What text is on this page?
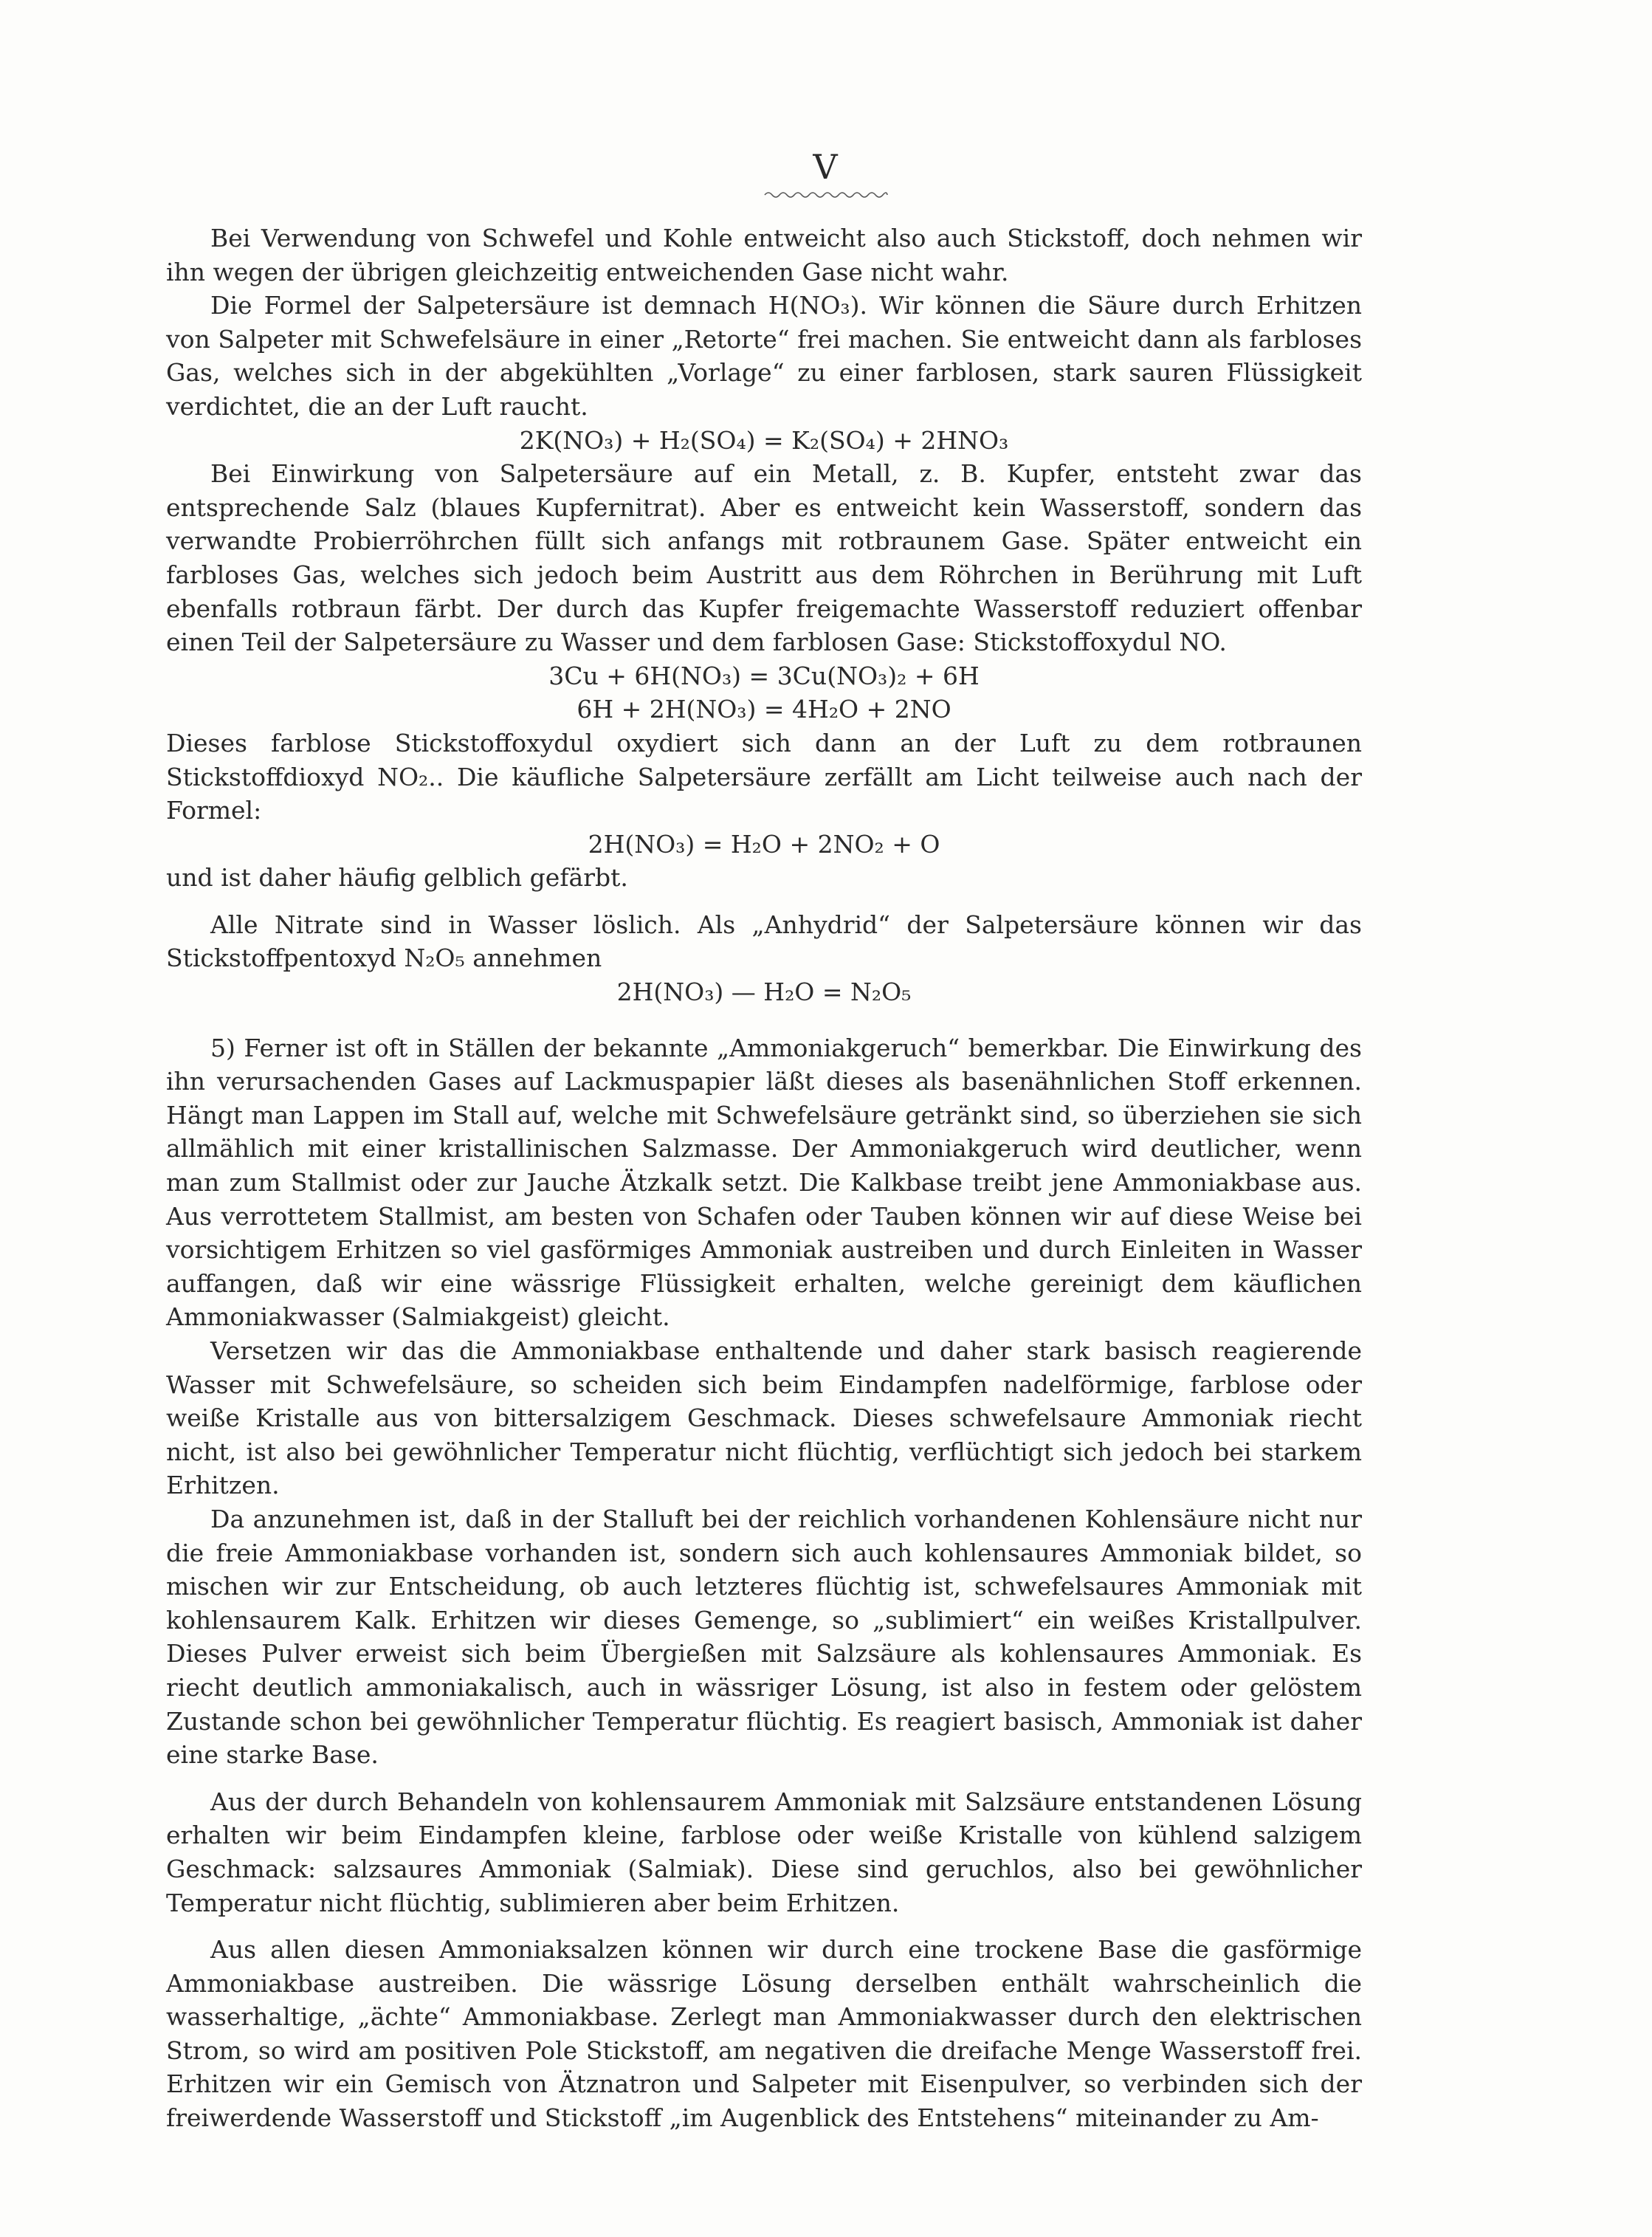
V

Bei Verwendung von Schwefel und Kohle entweicht also auch Stickstoff, doch nehmen wir ihn wegen der übrigen gleichzeitig entweichenden Gase nicht wahr.

Die Formel der Salpetersäure ist demnach H(NO₃). Wir können die Säure durch Erhitzen von Salpeter mit Schwefelsäure in einer „Retorte“ frei machen. Sie entweicht dann als farbloses Gas, welches sich in der abgekühlten „Vorlage“ zu einer farblosen, stark sauren Flüssigkeit verdichtet, die an der Luft raucht.

2K(NO₃) + H₂(SO₄) = K₂(SO₄) + 2HNO₃

Bei Einwirkung von Salpetersäure auf ein Metall, z. B. Kupfer, entsteht zwar das entsprechende Salz (blaues Kupfernitrat). Aber es entweicht kein Wasserstoff, sondern das verwandte Probierröhrchen füllt sich anfangs mit rotbraunem Gase. Später entweicht ein farbloses Gas, welches sich jedoch beim Austritt aus dem Röhrchen in Berührung mit Luft ebenfalls rotbraun färbt. Der durch das Kupfer freigemachte Wasserstoff reduziert offenbar einen Teil der Salpetersäure zu Wasser und dem farblosen Gase: Stickstoffoxydul NO.

3Cu + 6H(NO₃) = 3Cu(NO₃)₂ + 6H
6H + 2H(NO₃) = 4H₂O + 2NO

Dieses farblose Stickstoffoxydul oxydiert sich dann an der Luft zu dem rotbraunen Stickstoffdioxyd NO₂.. Die käufliche Salpetersäure zerfällt am Licht teilweise auch nach der Formel:

2H(NO₃) = H₂O + 2NO₂ + O

und ist daher häufig gelblich gefärbt.

Alle Nitrate sind in Wasser löslich. Als „Anhydrid“ der Salpetersäure können wir das Stickstoffpentoxyd N₂O₅ annehmen

2H(NO₃) — H₂O = N₂O₅

5) Ferner ist oft in Ställen der bekannte „Ammoniakgeruch“ bemerkbar. Die Einwirkung des ihn verursachenden Gases auf Lackmuspapier läßt dieses als basenähnlichen Stoff erkennen. Hängt man Lappen im Stall auf, welche mit Schwefelsäure getränkt sind, so überziehen sie sich allmählich mit einer kristallinischen Salzmasse. Der Ammoniakgeruch wird deutlicher, wenn man zum Stallmist oder zur Jauche Ätzkalk setzt. Die Kalkbase treibt jene Ammoniakbase aus. Aus verrottetem Stallmist, am besten von Schafen oder Tauben können wir auf diese Weise bei vorsichtigem Erhitzen so viel gasförmiges Ammoniak austreiben und durch Einleiten in Wasser auffangen, daß wir eine wässrige Flüssigkeit erhalten, welche gereinigt dem käuflichen Ammoniakwasser (Salmiakgeist) gleicht.

Versetzen wir das die Ammoniakbase enthaltende und daher stark basisch reagierende Wasser mit Schwefelsäure, so scheiden sich beim Eindampfen nadelförmige, farblose oder weiße Kristalle aus von bittersalzigem Geschmack. Dieses schwefelsaure Ammoniak riecht nicht, ist also bei gewöhnlicher Temperatur nicht flüchtig, verflüchtigt sich jedoch bei starkem Erhitzen.

Da anzunehmen ist, daß in der Stalluft bei der reichlich vorhandenen Kohlensäure nicht nur die freie Ammoniakbase vorhanden ist, sondern sich auch kohlensaures Ammoniak bildet, so mischen wir zur Entscheidung, ob auch letzteres flüchtig ist, schwefelsaures Ammoniak mit kohlensaurem Kalk. Erhitzen wir dieses Gemenge, so „sublimiert“ ein weißes Kristallpulver. Dieses Pulver erweist sich beim Übergießen mit Salzsäure als kohlensaures Ammoniak. Es riecht deutlich ammoniakalisch, auch in wässriger Lösung, ist also in festem oder gelöstem Zustande schon bei gewöhnlicher Temperatur flüchtig. Es reagiert basisch, Ammoniak ist daher eine starke Base.

Aus der durch Behandeln von kohlensaurem Ammoniak mit Salzsäure entstandenen Lösung erhalten wir beim Eindampfen kleine, farblose oder weiße Kristalle von kühlend salzigem Geschmack: salzsaures Ammoniak (Salmiak). Diese sind geruchlos, also bei gewöhnlicher Temperatur nicht flüchtig, sublimieren aber beim Erhitzen.

Aus allen diesen Ammoniaksalzen können wir durch eine trockene Base die gasförmige Ammoniakbase austreiben. Die wässrige Lösung derselben enthält wahrscheinlich die wasserhaltige, „ächte“ Ammoniakbase. Zerlegt man Ammoniakwasser durch den elektrischen Strom, so wird am positiven Pole Stickstoff, am negativen die dreifache Menge Wasserstoff frei. Erhitzen wir ein Gemisch von Ätznatron und Salpeter mit Eisenpulver, so verbinden sich der freiwerdende Wasserstoff und Stickstoff „im Augenblick des Entstehens“ miteinander zu Am-
